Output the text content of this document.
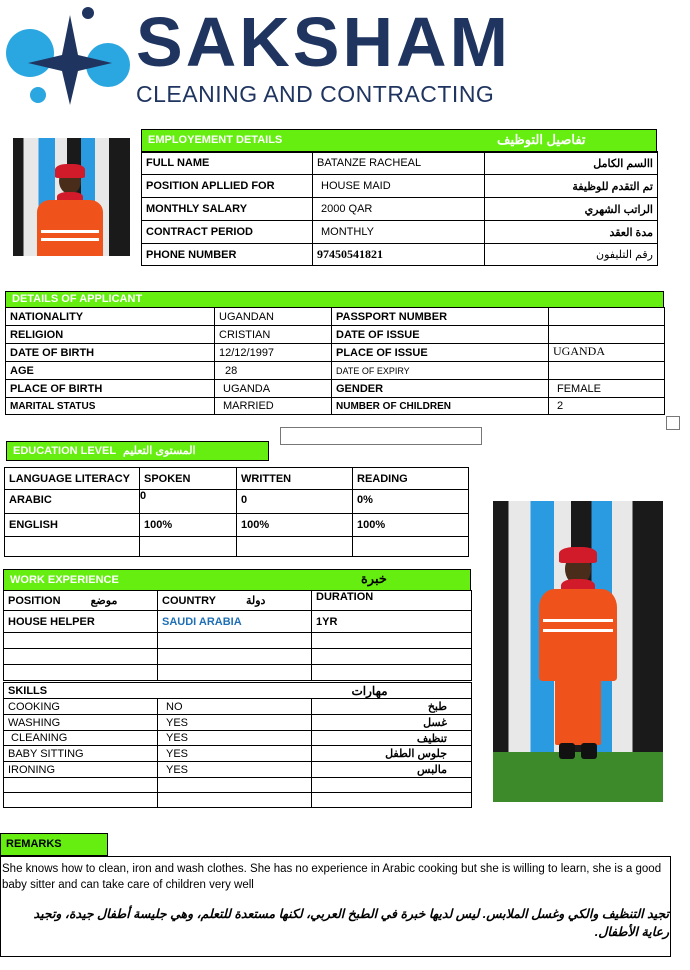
SAKSHAM
CLEANING AND CONTRACTING
EMPLOYEMENT DETAILS	تفاصيل التوظيف
FULL NAME	BATANZE RACHEAL	االسم الكامل
POSITION APLLIED FOR	HOUSE MAID	تم التقدم للوظيفة
MONTHLY SALARY	2000 QAR	الراتب الشهري
CONTRACT PERIOD	MONTHLY	مدة العقد
PHONE NUMBER	97450541821	رقم التليفون
DETAILS OF APPLICANT
NATIONALITY	UGANDAN	PASSPORT NUMBER	
RELIGION	CRISTIAN	DATE OF ISSUE	
DATE OF BIRTH	12/12/1997	PLACE OF ISSUE	UGANDA
AGE	28	DATE OF EXPIRY	
PLACE OF BIRTH	UGANDA	GENDER	FEMALE
MARITAL STATUS	MARRIED	NUMBER OF CHILDREN	2
EDUCATION LEVEL المستوى التعليم
LANGUAGE LITERACY	SPOKEN	WRITTEN	READING
ARABIC	0	0	0%
ENGLISH	100%	100%	100%

WORK EXPERIENCE	خبرة
POSITION موضع	COUNTRY دولة	DURATION
HOUSE HELPER	SAUDI ARABIA	1YR

SKILLS		مهارات
COOKING	NO	طبخ
WASHING	YES	غسل
CLEANING	YES	تنظيف
BABY SITTING	YES	جلوس الطفل
IRONING	YES	مالبس

REMARKS
She knows how to clean, iron and wash clothes. She has no experience in Arabic cooking but she is willing to learn, she is a good baby sitter and can take care of children very well
تجيد التنظيف والكي وغسل الملابس. ليس لديها خبرة في الطبخ العربي، لكنها مستعدة للتعلم، وهي جليسة أطفال جيدة، وتجيد رعاية الأطفال.
